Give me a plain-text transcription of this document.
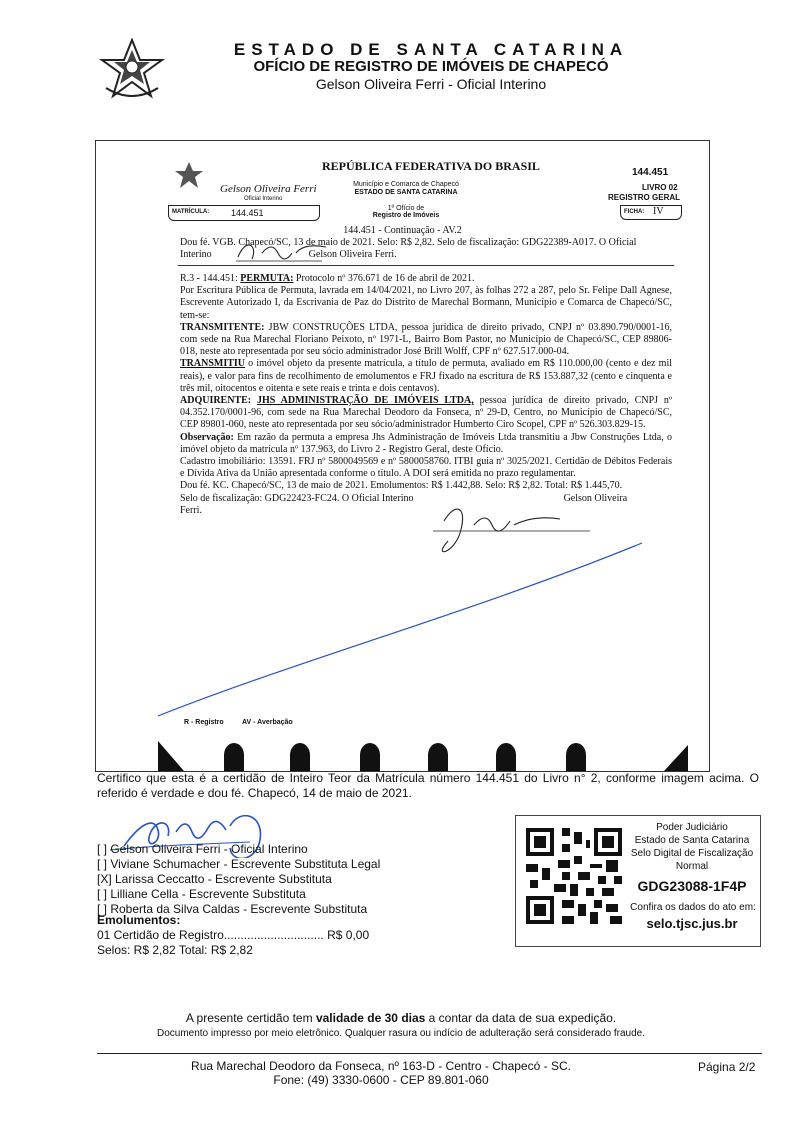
ESTADO DE SANTA CATARINA
OFÍCIO DE REGISTRO DE IMÓVEIS DE CHAPECÓ
Gelson Oliveira Ferri - Oficial Interino
REPÚBLICA FEDERATIVA DO BRASIL	144.451
Gelson Oliveira Ferri
Oficial Interino
Município e Comarca de Chapecó
ESTADO DE SANTA CATARINA
LIVRO 02
REGISTRO GERAL
MATRÍCULA: 144.451	1º Ofício de
Registro de Imóveis	FICHA: IV
144.451 - Continuação - AV.2
Dou fé. VGB. Chapecó/SC, 13 de maio de 2021. Selo: R$ 2,82. Selo de fiscalização: GDG22389-A017. O Oficial
Interino	Gelson Oliveira Ferri.
R.3 - 144.451: PERMUTA: Protocolo nº 376.671 de 16 de abril de 2021.
Por Escritura Pública de Permuta, lavrada em 14/04/2021, no Livro 207, às folhas 272 a 287, pelo Sr. Felipe Dall Agnese, Escrevente Autorizado I, da Escrivania de Paz do Distrito de Marechal Bormann, Município e Comarca de Chapecó/SC, tem-se:
TRANSMITENTE: JBW CONSTRUÇÕES LTDA, pessoa jurídica de direito privado, CNPJ nº 03.890.790/0001-16, com sede na Rua Marechal Floriano Peixoto, nº 1971-L, Bairro Bom Pastor, no Município de Chapecó/SC, CEP 89806-018, neste ato representada por seu sócio administrador José Brill Wolff, CPF nº 627.517.000-04.
TRANSMITIU o imóvel objeto da presente matrícula, a título de permuta, avaliado em R$ 110.000,00 (cento e dez mil reais), e valor para fins de recolhimento de emolumentos e FRJ fixado na escritura de R$ 153.887,32 (cento e cinquenta e três mil, oitocentos e oitenta e sete reais e trinta e dois centavos).
ADQUIRENTE: JHS ADMINISTRAÇÃO DE IMÓVEIS LTDA, pessoa jurídica de direito privado, CNPJ nº 04.352.170/0001-96, com sede na Rua Marechal Deodoro da Fonseca, nº 29-D, Centro, no Município de Chapecó/SC, CEP 89801-060, neste ato representada por seu sócio/administrador Humberto Ciro Scopel, CPF nº 526.303.829-15.
Observação: Em razão da permuta a empresa Jhs Administração de Imóveis Ltda transmitiu a Jbw Construções Ltda, o imóvel objeto da matrícula nº 137.963, do Livro 2 - Registro Geral, deste Ofício.
Cadastro imobiliário: 13591. FRJ nº 5800049569 e nº 5800058760. ITBI guia nº 3025/2021. Certidão de Débitos Federais e Dívida Ativa da União apresentada conforme o título. A DOI será emitida no prazo regulamentar.
Dou fé. KC. Chapecó/SC, 13 de maio de 2021. Emolumentos: R$ 1.442,88. Selo: R$ 2,82. Total: R$ 1.445,70.
Selo de fiscalização: GDG22423-FC24. O Oficial Interino	Gelson Oliveira
Ferri.
R - Registro	AV - Averbação
Certifico que esta é a certidão de Inteiro Teor da Matrícula número 144.451 do Livro n° 2, conforme imagem acima. O referido é verdade e dou fé. Chapecó, 14 de maio de 2021.
[ ] Gelson Oliveira Ferri - Oficial Interino
[ ] Viviane Schumacher - Escrevente Substituta Legal
[X] Larissa Ceccatto - Escrevente Substituta
[ ] Lilliane Cella - Escrevente Substituta
[ ] Roberta da Silva Caldas - Escrevente Substituta
Emolumentos:
01 Certidão de Registro.............................. R$ 0,00
Selos: R$ 2,82 Total: R$ 2,82
Poder Judiciário
Estado de Santa Catarina
Selo Digital de Fiscalização
Normal
GDG23088-1F4P
Confira os dados do ato em:
selo.tjsc.jus.br
A presente certidão tem validade de 30 dias a contar da data de sua expedição.
Documento impresso por meio eletrônico. Qualquer rasura ou indício de adulteração será considerado fraude.
Rua Marechal Deodoro da Fonseca, nº 163-D - Centro - Chapecó - SC.
Fone: (49) 3330-0600 - CEP 89.801-060
Página 2/2
